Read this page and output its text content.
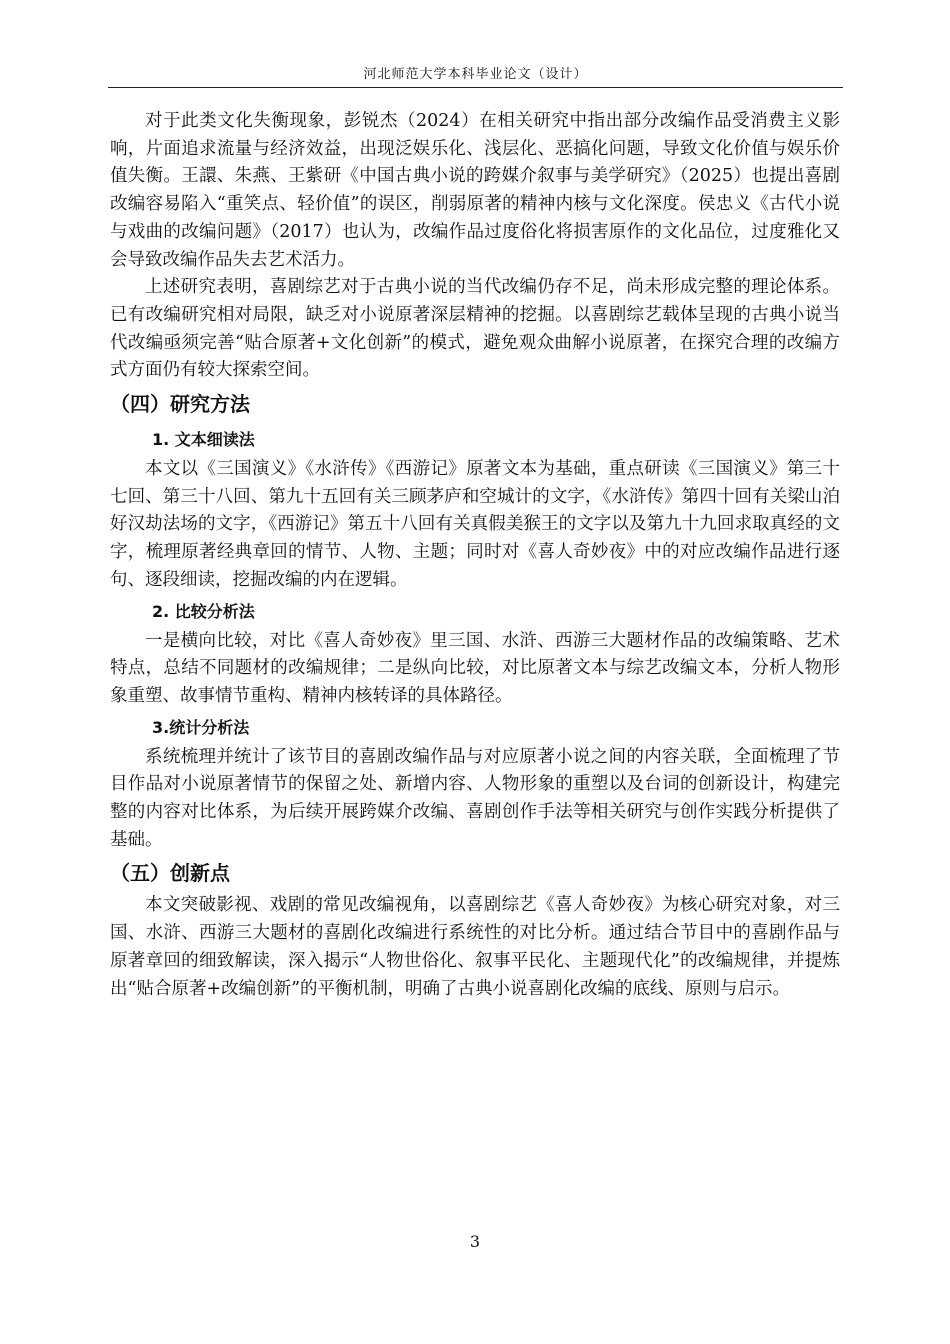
河北师范大学本科毕业论文（设计）

对于此类文化失衡现象，彭锐杰（2024）在相关研究中指出部分改编作品受消费主义影响，片面追求流量与经济效益，出现泛娱乐化、浅层化、恶搞化问题，导致文化价值与娱乐价值失衡。王譞、朱燕、王紫研《中国古典小说的跨媒介叙事与美学研究》（2025）也提出喜剧改编容易陷入“重笑点、轻价值”的误区，削弱原著的精神内核与文化深度。侯忠义《古代小说与戏曲的改编问题》（2017）也认为，改编作品过度俗化将损害原作的文化品位，过度雅化又会导致改编作品失去艺术活力。

上述研究表明，喜剧综艺对于古典小说的当代改编仍存不足，尚未形成完整的理论体系。已有改编研究相对局限，缺乏对小说原著深层精神的挖掘。以喜剧综艺载体呈现的古典小说当代改编亟须完善“贴合原著+文化创新”的模式，避免观众曲解小说原著，在探究合理的改编方式方面仍有较大探索空间。

（四）研究方法
1. 文本细读法

本文以《三国演义》《水浒传》《西游记》原著文本为基础，重点研读《三国演义》第三十七回、第三十八回、第九十五回有关三顾茅庐和空城计的文字，《水浒传》第四十回有关梁山泊好汉劫法场的文字，《西游记》第五十八回有关真假美猴王的文字以及第九十九回求取真经的文字，梳理原著经典章回的情节、人物、主题；同时对《喜人奇妙夜》中的对应改编作品进行逐句、逐段细读，挖掘改编的内在逻辑。

2. 比较分析法

一是横向比较，对比《喜人奇妙夜》里三国、水浒、西游三大题材作品的改编策略、艺术特点，总结不同题材的改编规律；二是纵向比较，对比原著文本与综艺改编文本，分析人物形象重塑、故事情节重构、精神内核转译的具体路径。

3.统计分析法

系统梳理并统计了该节目的喜剧改编作品与对应原著小说之间的内容关联，全面梳理了节目作品对小说原著情节的保留之处、新增内容、人物形象的重塑以及台词的创新设计，构建完整的内容对比体系，为后续开展跨媒介改编、喜剧创作手法等相关研究与创作实践分析提供了基础。

（五）创新点

本文突破影视、戏剧的常见改编视角，以喜剧综艺《喜人奇妙夜》为核心研究对象，对三国、水浒、西游三大题材的喜剧化改编进行系统性的对比分析。通过结合节目中的喜剧作品与原著章回的细致解读，深入揭示“人物世俗化、叙事平民化、主题现代化”的改编规律，并提炼出“贴合原著+改编创新”的平衡机制，明确了古典小说喜剧化改编的底线、原则与启示。

3
